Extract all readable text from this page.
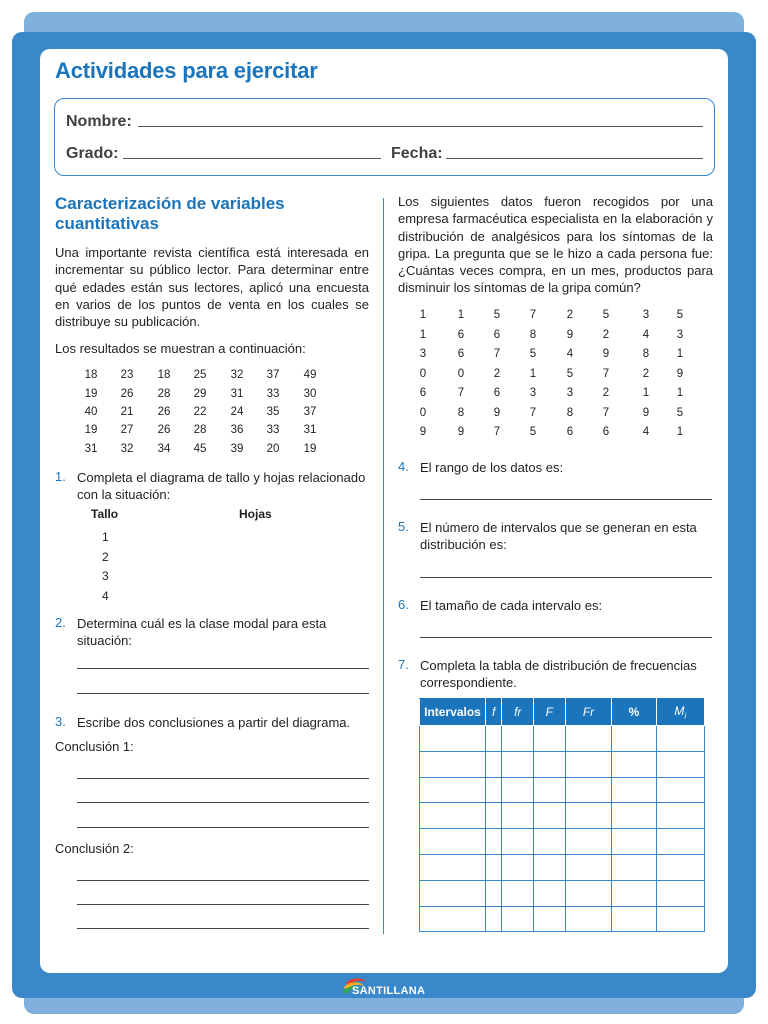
Actividades para ejercitar
Nombre:
Grado:	Fecha:
Caracterización de variables cuantitativas
Una importante revista científica está interesada en incrementar su público lector. Para determinar entre qué edades están sus lectores, aplicó una encuesta en varios de los puntos de venta en los cuales se distribuye su publicación.
Los resultados se muestran a continuación:
1. Completa el diagrama de tallo y hojas relacionado con la situación:
Tallo	Hojas
1
2
3
4
2. Determina cuál es la clase modal para esta situación:
3. Escribe dos conclusiones a partir del diagrama.
Conclusión 1:
Conclusión 2:
Los siguientes datos fueron recogidos por una empresa farmacéutica especialista en la elaboración y distribución de analgésicos para los síntomas de la gripa. La pregunta que se le hizo a cada persona fue: ¿Cuántas veces compra, en un mes, productos para disminuir los síntomas de la gripa común?
4. El rango de los datos es:
5. El número de intervalos que se generan en esta distribución es:
6. El tamaño de cada intervalo es:
7. Completa la tabla de distribución de frecuencias correspondiente.
Intervalos	f	fr	F	Fr	%	$M_i$

SANTILLANA
18	23	18	25	32	37	49
19	26	28	29	31	33	30
40	21	26	22	24	35	37
19	27	26	28	36	33	31
31	32	34	45	39	20	19
1	1	5	7	2	5	3	5
1	6	6	8	9	2	4	3
3	6	7	5	4	9	8	1
0	0	2	1	5	7	2	9
6	7	6	3	3	2	1	1
0	8	9	7	8	7	9	5
9	9	7	5	6	6	4	1
